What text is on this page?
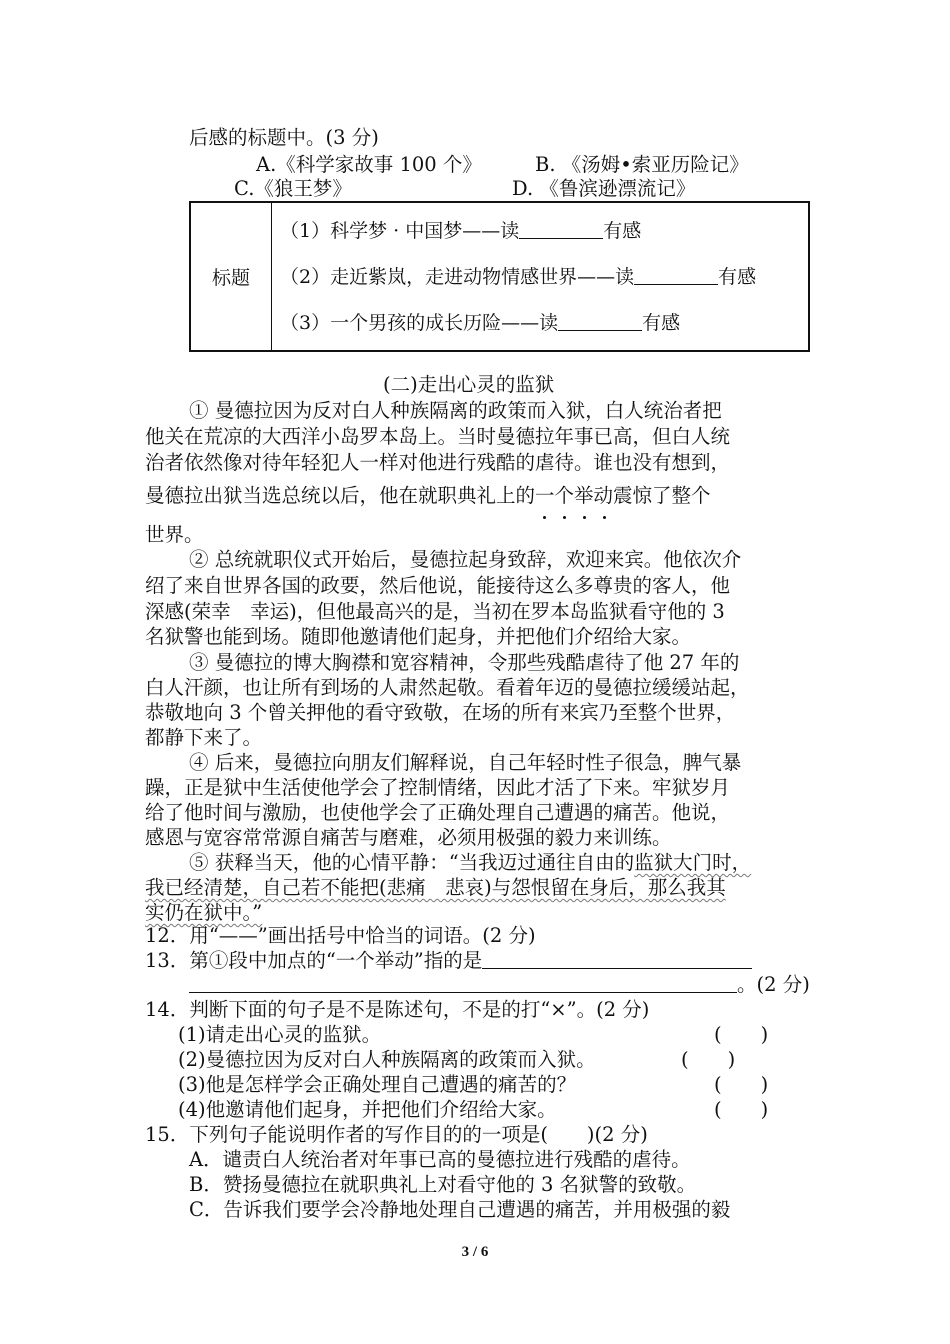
后感的标题中。(3 分)
A.《科学家故事 100 个》	B. 《汤姆•索亚历险记》
C.《狼王梦》	D. 《鲁滨逊漂流记》
标题	
（1）科学梦 · 中国梦——读	有感
（2）走近紫岚，走进动物情感世界——读	有感
（3）一个男孩的成长历险——读	有感
(二)走出心灵的监狱
① 曼德拉因为反对白人种族隔离的政策而入狱，白人统治者把
他关在荒凉的大西洋小岛罗本岛上。当时曼德拉年事已高，但白人统
治者依然像对待年轻犯人一样对他进行残酷的虐待。谁也没有想到，
曼德拉出狱当选总统以后，他在就职典礼上的一个举动
震惊了整个
世界。
② 总统就职仪式开始后，曼德拉起身致辞，欢迎来宾。他依次介
绍了来自世界各国的政要，然后他说，能接待这么多尊贵的客人，他
深感(荣幸　幸运)，但他最高兴的是，当初在罗本岛监狱看守他的 3
名狱警也能到场。随即他邀请他们起身，并把他们介绍给大家。
③ 曼德拉的博大胸襟和宽容精神，令那些残酷虐待了他 27 年的
白人汗颜，也让所有到场的人肃然起敬。看着年迈的曼德拉缓缓站起，
恭敬地向 3 个曾关押他的看守致敬，在场的所有来宾乃至整个世界，
都静下来了。
④ 后来，曼德拉向朋友们解释说，自己年轻时性子很急，脾气暴
躁，正是狱中生活使他学会了控制情绪，因此才活了下来。牢狱岁月
给了他时间与激励，也使他学会了正确处理自己遭遇的痛苦。他说，
感恩与宽容常常源自痛苦与磨难，必须用极强的毅力来训练。
⑤ 获释当天，他的心情平静：“当我迈过通往自由的监狱大门时，
我已经清楚，自己若不能把(悲痛　悲哀)与怨恨留在身后，那么我其
实仍在狱中。”
12．用“——”画出括号中恰当的词语。(2 分)
13．第①段中加点的“一个举动”指的是
。(2 分)
14．判断下面的句子是不是陈述句，不是的打“×”。(2 分)
(1)请走出心灵的监狱。	(　　)
(2)曼德拉因为反对白人种族隔离的政策而入狱。	(　　)
(3)他是怎样学会正确处理自己遭遇的痛苦的？	(　　)
(4)他邀请他们起身，并把他们介绍给大家。	(　　)
15．下列句子能说明作者的写作目的的一项是(　　)(2 分)
A．谴责白人统治者对年事已高的曼德拉进行残酷的虐待。
B．赞扬曼德拉在就职典礼上对看守他的 3 名狱警的致敬。
C．告诉我们要学会冷静地处理自己遭遇的痛苦，并用极强的毅
3 / 6
